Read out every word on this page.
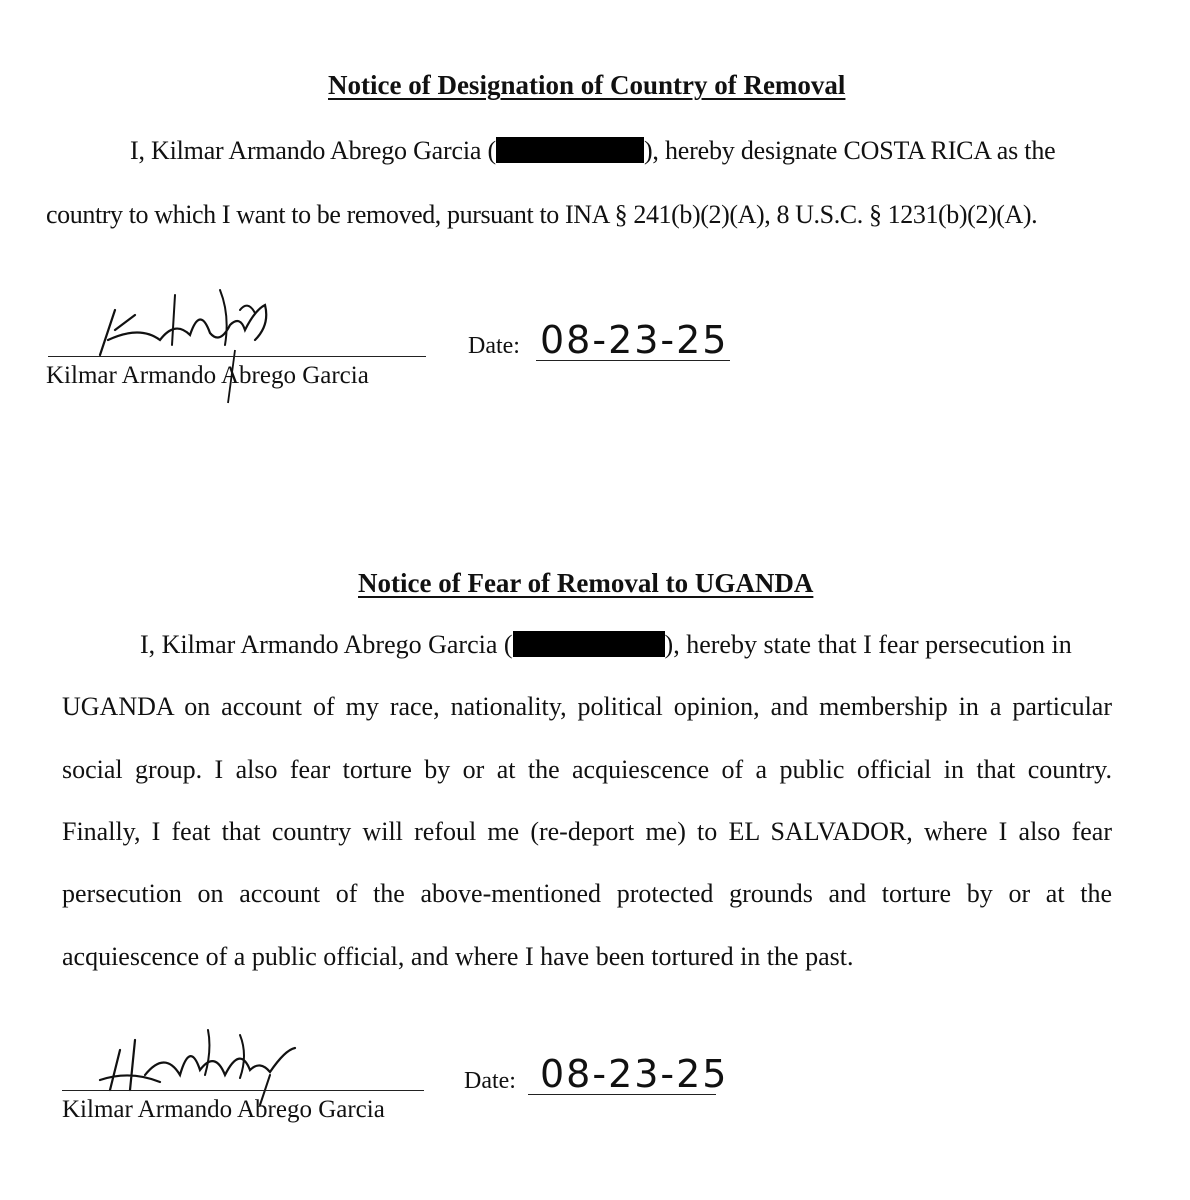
Notice of Designation of Country of Removal
I, Kilmar Armando Abrego Garcia (	), hereby designate COSTA RICA as the
country to which I want to be removed, pursuant to INA § 241(b)(2)(A), 8 U.S.C. § 1231(b)(2)(A).
Kilmar Armando Abrego Garcia
Date: 08-23-25
Notice of Fear of Removal to UGANDA
I, Kilmar Armando Abrego Garcia (	), hereby state that I fear persecution in
UGANDA on account of my race, nationality, political opinion, and membership in a particular
social group. I also fear torture by or at the acquiescence of a public official in that country.
Finally, I feat that country will refoul me (re-deport me) to EL SALVADOR, where I also fear
persecution on account of the above-mentioned protected grounds and torture by or at the
acquiescence of a public official, and where I have been tortured in the past.
Kilmar Armando Abrego Garcia
Date: 08-23-25
